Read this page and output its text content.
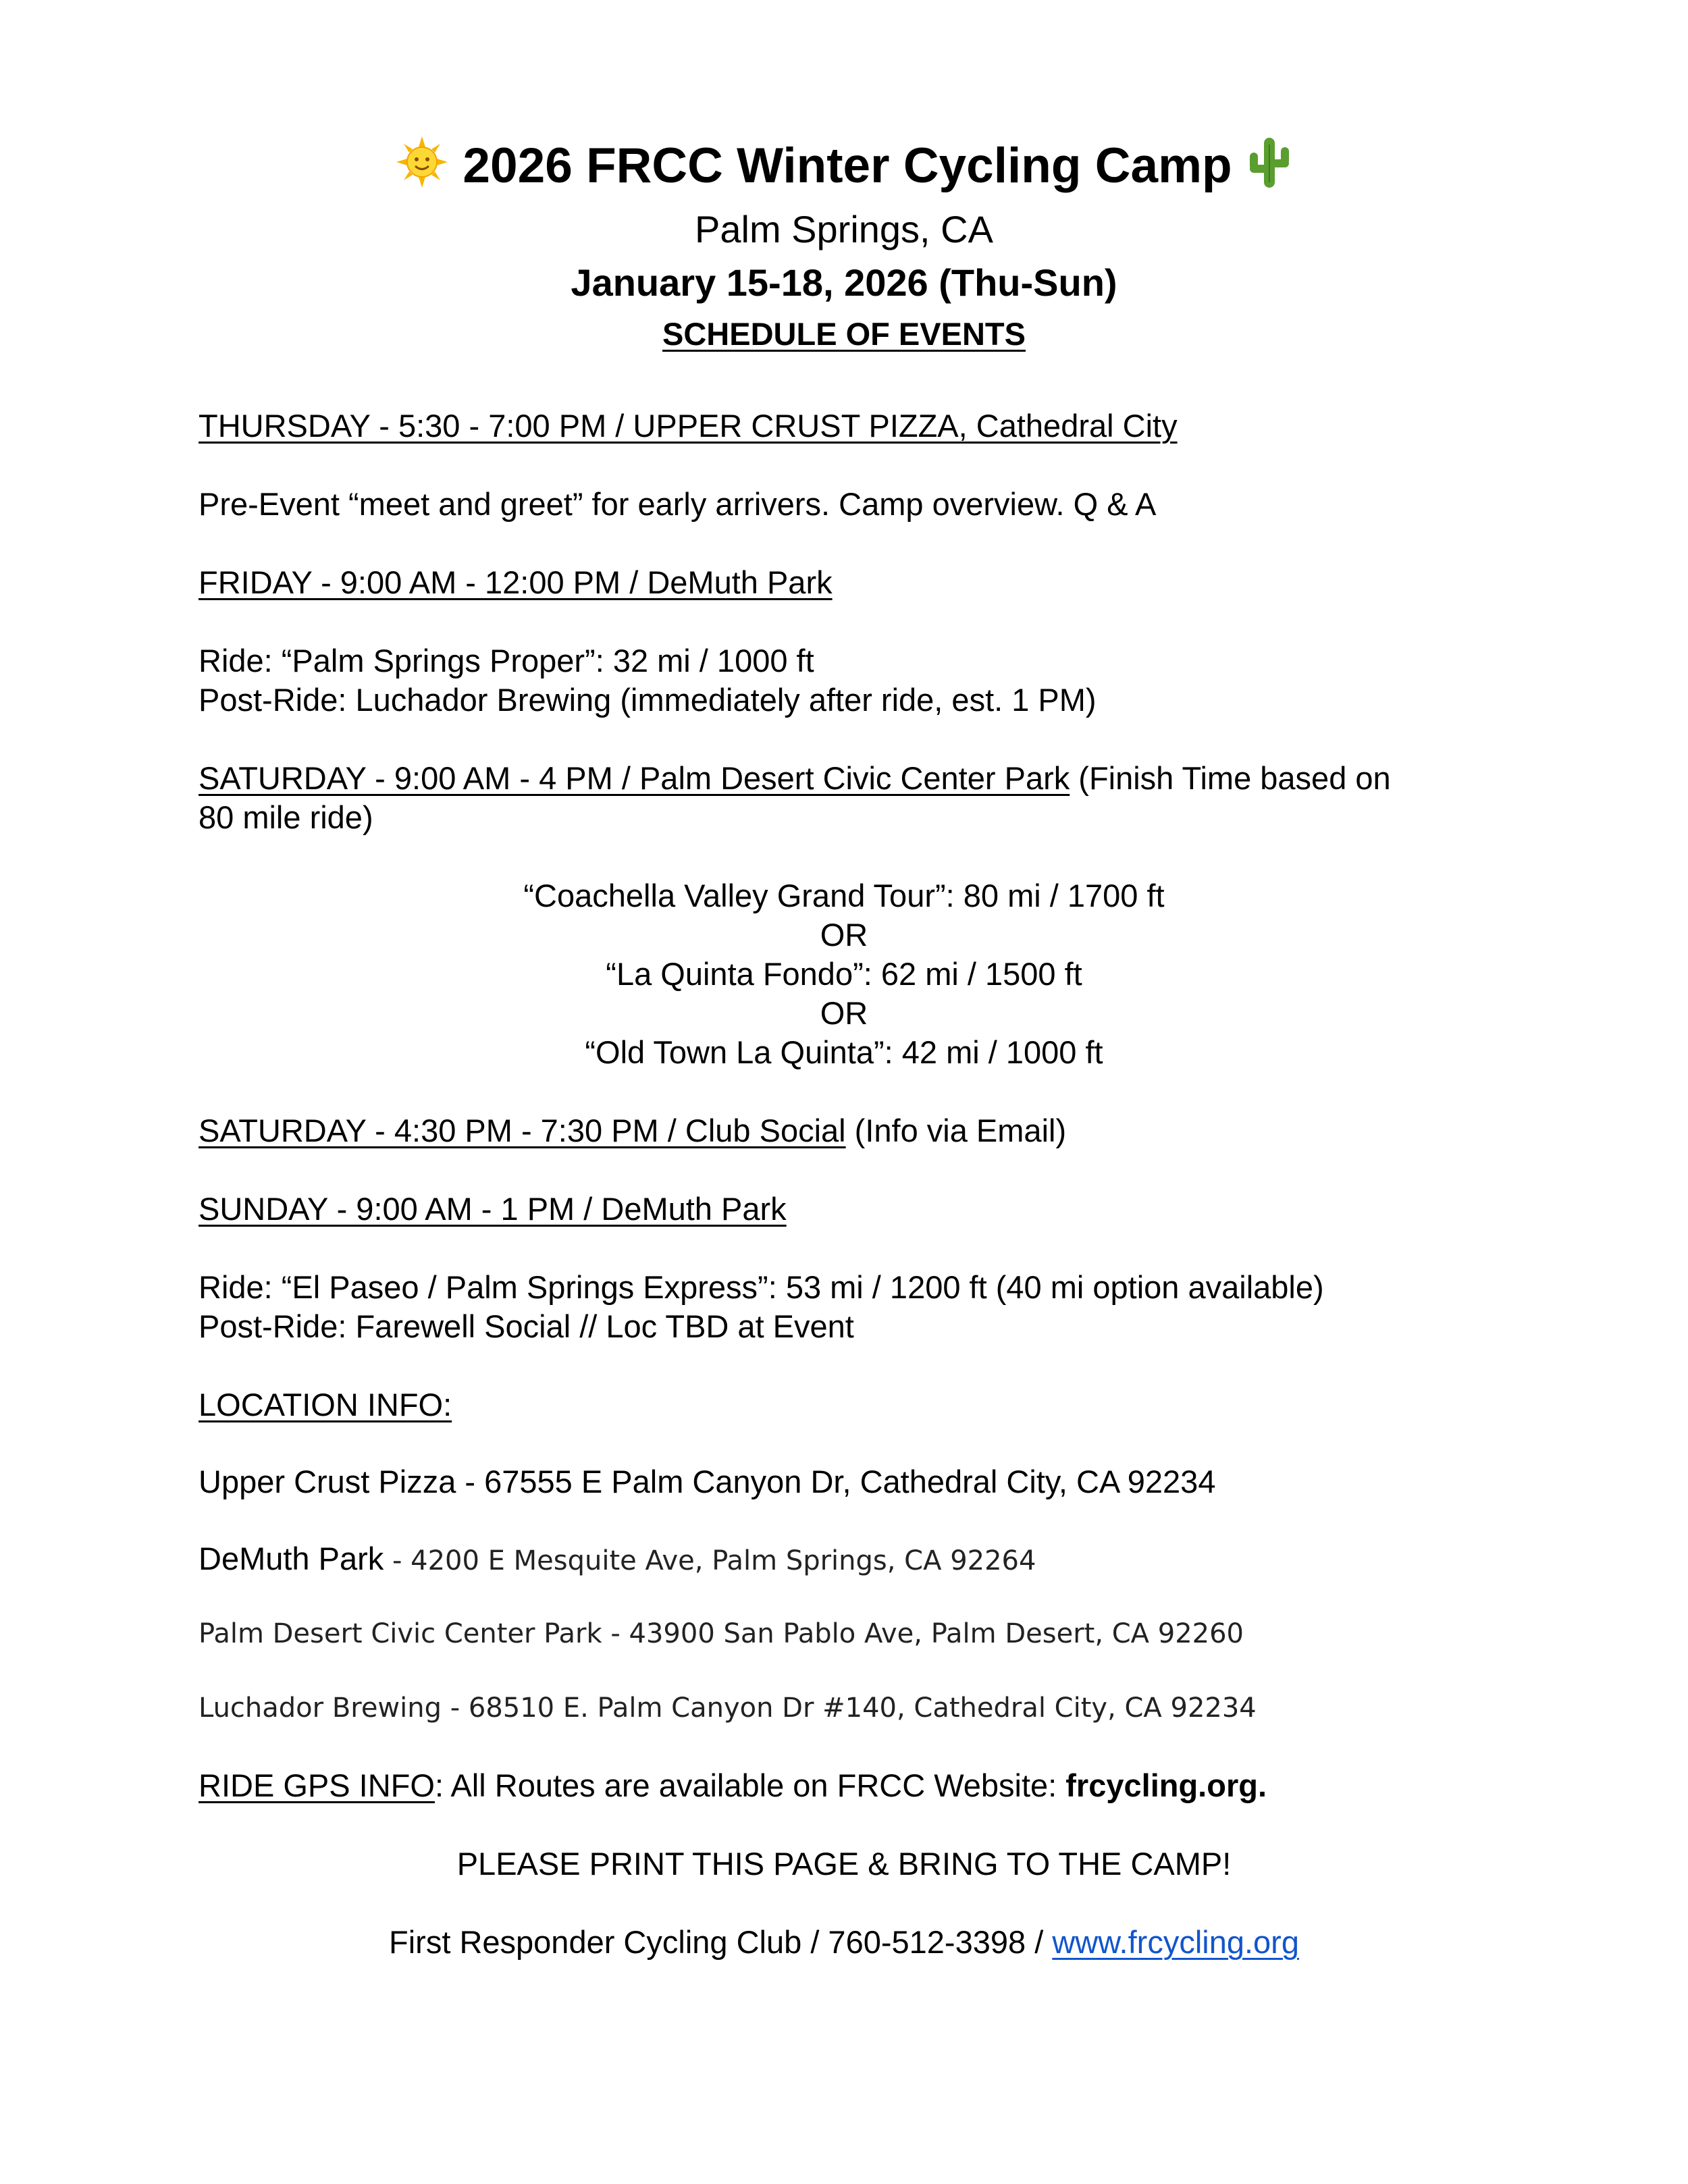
2026 FRCC Winter Cycling Camp
Palm Springs, CA
January 15-18, 2026 (Thu-Sun)
SCHEDULE OF EVENTS
THURSDAY - 5:30 - 7:00 PM / UPPER CRUST PIZZA, Cathedral City
Pre-Event “meet and greet” for early arrivers. Camp overview. Q & A
FRIDAY - 9:00 AM - 12:00 PM / DeMuth Park
Ride: “Palm Springs Proper”: 32 mi / 1000 ft
Post-Ride: Luchador Brewing (immediately after ride, est. 1 PM)
SATURDAY - 9:00 AM - 4 PM / Palm Desert Civic Center Park (Finish Time based on
80 mile ride)
“Coachella Valley Grand Tour”: 80 mi / 1700 ft
OR
“La Quinta Fondo”: 62 mi / 1500 ft
OR
“Old Town La Quinta”: 42 mi / 1000 ft
SATURDAY - 4:30 PM - 7:30 PM / Club Social (Info via Email)
SUNDAY - 9:00 AM - 1 PM / DeMuth Park
Ride: “El Paseo / Palm Springs Express”: 53 mi / 1200 ft (40 mi option available)
Post-Ride: Farewell Social // Loc TBD at Event
LOCATION INFO:
Upper Crust Pizza - 67555 E Palm Canyon Dr, Cathedral City, CA 92234
DeMuth Park - 4200 E Mesquite Ave, Palm Springs, CA 92264
Palm Desert Civic Center Park - 43900 San Pablo Ave, Palm Desert, CA 92260
Luchador Brewing - 68510 E. Palm Canyon Dr #140, Cathedral City, CA 92234
RIDE GPS INFO: All Routes are available on FRCC Website: frcycling.org.
PLEASE PRINT THIS PAGE & BRING TO THE CAMP!
First Responder Cycling Club / 760-512-3398 / www.frcycling.org
